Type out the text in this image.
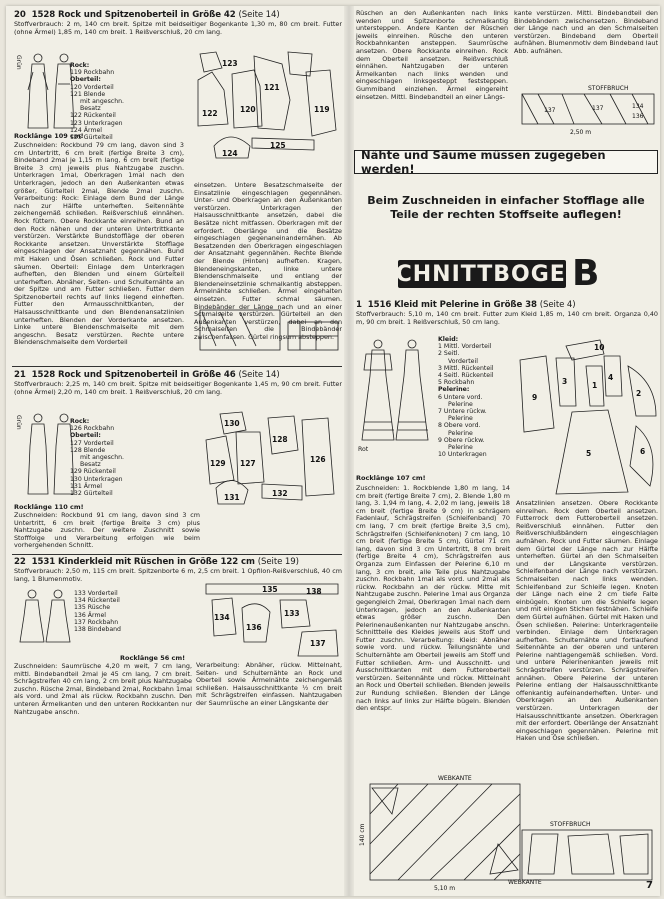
20 1528 Rock und Spitzenoberteil in Größe 42 (Seite 14)
Stoffverbrauch: 2 m, 140 cm breit. Spitze mit beidseitiger Bogenkante 1,30 m, 80 cm breit. Futter (ohne Ärmel) 1,85 m, 140 cm breit. 1 Reißverschluß, 20 cm lang.
Grün	Rock:
119 Rockbahn
Oberteil:
120 Vorderteil
121 Blende
mit angeschn.
Besatz
122 Rückenteil
123 Unterkragen
124 Ärmel
125 Gürtelteil
122
123
120
121
119
124
125
Rocklänge 109 cm!
Zuschneiden: Rockbund 79 cm lang, davon sind 3 cm Untertritt, 6 cm breit (fertige Breite 3 cm), Bindeband 2mal je 1,15 m lang, 6 cm breit (fertige Breite 3 cm) jeweils plus Nahtzugabe zuschn. Unterkragen 1mal, Oberkragen 1mal nach den Unterkragen, jedoch an den Außenkanten etwas größer, Gürtelteil 2mal, Blende 2mal zuschn. Verarbeitung: Rock: Einlage dem Bund der Länge nach zur Hälfte unterheften. Seitennähte zeichengemäß schließen. Reißverschluß einnähen. Rock füttern. Obere Rockkante einreihen. Bund an den Rock nähen und der unteren Untertrittkante verstürzen. Verstärkte Bundstoffläge der oberen Rockkante ansetzen. Unverstärkte Stofflage eingeschlagen der Ansatznaht gegennähen. Bund mit Haken und Ösen schließen. Rock und Futter säumen. Oberteil: Einlage dem Unterkragen aufheften, den Blenden und einem Gürtelteil unterheften. Abnäher, Seiten- und Schulternähte an der Spitze und am Futter schließen. Futter dem Spitzenoberteil rechts auf links liegend einheften. Futter den Armausschnittkanten, der Halsausschnittkante und den Blendenansatzlinien unterheften. Blenden der Vorderkante ansetzen. Linke untere Blendenschmalseite mit dem angeschn. Besatz verstürzen. Rechte untere Blendenschmalseite dem Vorderteil
einsetzen. Untere Besatzschmalseite der Einsatzlinie eingeschlagen gegennähen. Unter- und Oberkragen an den Außenkanten verstürzen. Unterkragen der Halsausschnittkante ansetzen, dabei die Besätze nicht mitfassen. Oberkragen mit der erfordert. Oberlänge und die Besätze eingeschlagen gegenaneinandernähen. Ab Besatzenden den Oberkragen eingeschlagen der Ansatznaht gegennähen. Rechte Blende der Blende (Hinten) aufheften. Kragen, Blendeneingskanten, linke untere Blendenschmalseite und entlang der Blendeneinsetzlinie schmalkantig absteppen. Ärmelnähte schließen. Ärmel eingehalten einsetzen. Futter schmal säumen. Bindebänder der Länge nach und an einer Schmalseite verstürzen. Gürtelteil an den Außenkanten verstürzen, dabei an den Schmalseiten die Bindebänder zwischenfassen. Gürtel ringsum absteppen.
21 1528 Rock und Spitzenoberteil in Größe 46 (Seite 14)
Stoffverbrauch: 2,25 m, 140 cm breit. Spitze mit beidseitiger Bogenkante 1,45 m, 90 cm breit. Futter (ohne Ärmel) 2,20 m, 140 cm breit. 1 Reißverschluß, 20 cm lang.
Grün	Rock:
126 Rockbahn
Oberteil:
127 Vorderteil
128 Blende
mit angeschn.
Besatz
129 Rückenteil
130 Unterkragen
131 Ärmel
132 Gürtelteil
130
129 127
128
126
131	132
Rocklänge 110 cm!
Zuschneiden: Rockbund 91 cm lang, davon sind 3 cm Untertritt, 6 cm breit (fertige Breite 3 cm) plus Nahtzugabe zuschn. Der weitere Zuschnitt sowie Stofffolge und Verarbeitung erfolgen wie beim vorhergehenden Schnitt.
22 1531 Kinderkleid mit Rüschen in Größe 122 cm (Seite 19)
Stoffverbrauch: 2,50 m, 115 cm breit. Spitzenborte 6 m, 2,5 cm breit. 1 Opfilon-Reißverschluß, 40 cm lang, 1 Blumenmotiv.
133 Vorderteil
134 Rückenteil
135 Rüsche
136 Ärmel
137 Rockbahn
138 Bindeband
135
134
136
133
137
138
Rocklänge 56 cm!
Zuschneiden: Saumrüsche 4,20 m weit, 7 cm lang, mittl. Bindebandteil 2mal je 45 cm lang, 7 cm breit. Schrägstreifen 40 cm lang, 2 cm breit plus Nahtzugabe zuschn. Rüsche 2mal, Bindeband 2mal, Rockbahn 1mal als vord. und 2mal als rückw. Rockbahn zuschn. Den unteren Ärmelkanten und den unteren Rockkanten nur Nahtzugabe anschn.
Verarbeitung: Abnäher, rückw. Mittelnaht, Seiten- und Schulternähte an Rock und Oberteil sowie Ärmelnähte zeichengemäß schließen. Halsausschnittkante ½ cm breit mit Schrägstreifen einfassen. Nahtzugaben der Saumrüsche an einer Längskante der
Rüschen an den Außenkanten nach links wenden und Spitzenborte schmalkantig untersteppen. Andere Kanten der Rüschen jeweils einreihen. Rüsche den unteren Rockbahnkanten ansteppen. Saumrüsche ansetzen. Obere Rockkante einreihen. Rock dem Oberteil ansetzen. Reißverschluß einnähen. Nahtzugaben der unteren Ärmelkanten nach links wenden und eingeschlagen linksgesteppt feststeppen. Gummiband einziehen. Ärmel eingereiht einsetzen. Mittl. Bindebandteil an einer Längs-
kante verstürzen. Mittl. Bindebandteil den Bindebändern zwischensetzen. Bindeband der Länge nach und an den Schmalseiten verstürzen. Bindeband dem Oberteil aufnähen. Blumenmotiv dem Bindeband laut Abb. aufnähen.
STOFFBRUCH
137	137	134
136
2,50 m
Nähte und Säume müssen zugegeben werden!
Beim Zuschneiden in einfacher Stofflage alle
Teile der rechten Stoffseite auflegen!
SCHNITTBOGEN
B
1 1516 Kleid mit Pelerine in Größe 38 (Seite 4)
Stoffverbrauch: 5,10 m, 140 cm breit. Futter zum Kleid 1,85 m, 140 cm breit. Organza 0,40 m, 90 cm breit. 1 Reißverschluß, 50 cm lang.
Kleid:
1 Mittl. Vorderteil
2 Seitl.
Vorderteil
3 Mittl. Rückenteil
4 Seitl. Rückenteil
5 Rockbahn
Pelerine:
6 Untere vord.
Pelerine
7 Untere rückw.
Pelerine
8 Obere vord.
Pelerine
9 Obere rückw.
Pelerine
10 Unterkragen
Rot
10
9
3	1
4
2
5	6
Rocklänge 107 cm!
Zuschneiden: 1. Rockblende 1,80 m lang, 14 cm breit (fertige Breite 7 cm), 2. Blende 1,80 m lang, 3. 1,94 m lang, 4. 2,02 m lang, jeweils 18 cm breit (fertige Breite 9 cm) in schrägem Fadenlauf, Schrägstreifen (Schleifenband) 70 cm lang, 7 cm breit (fertige Breite 3,5 cm), Schrägstreifen (Schleifenknoten) 7 cm lang, 10 cm breit (fertige Breite 5 cm), Gürtel 71 cm lang, davon sind 3 cm Untertritt, 8 cm breit (fertige Breite 4 cm), Schrägstreifen aus Organza zum Einfassen der Pelerine 6,10 m lang, 3 cm breit, alle Teile plus Nahtzugabe zuschn. Rockbahn 1mal als vord. und 2mal als rückw. Rockbahn an der rückw. Mitte mit Nahtzugabe zuschn. Pelerine 1mal aus Organza gegengleich 2mal, Oberkragen 1mal nach dem Unterkragen, jedoch an den Außenkanten etwas größer zuschn. Den Pelerinenaußenkanten nur Nahtzugabe anschn. Schnittteile des Kleides jeweils aus Stoff und Futter zuschn. Verarbeitung: Kleid: Abnäher sowie vord. und rückw. Teilungsnähte und Schulternähte am Oberteil jeweils am Stoff und Futter schließen. Arm- und Ausschnitt- und Ausschnittkanten mit dem Futteroberteil verstürzen. Seitennähte und rückw. Mittelnaht an Rock und Oberteil schließen. Blenden jeweils zur Rundung schließen. Blenden der Länge nach links auf links zur Hälfte bügeln. Blenden den entspr.
Ansatzlinien ansetzen. Obere Rockkante einreihen. Rock dem Oberteil ansetzen. Futterrock dem Futteroberteil ansetzen. Reißverschluß einnähen. Futter den Reißverschlußbändern eingeschlagen aufnähen. Rock und Futter säumen. Einlage dem Gürtel der Länge nach zur Hälfte unterheften. Gürtel an den Schmalseiten und der Längskante verstürzen. Schleifenband der Länge nach verstürzen. Schmalseiten nach links wenden. Schleifenband zur Schleife legen. Knoten der Länge nach eine 2 cm tiefe Falte einbügeln. Knoten um die Schleife legen und mit einigen Stichen festnähen. Schleife dem Gürtel aufnähen. Gürtel mit Haken und Ösen schließen. Pelerine: Unterkragenteile verbinden. Einlage dem Unterkragen aufheften. Schulternähte und fortlaufend Seitennähte an der oberen und unteren Pelerine nahtlagengemäß schließen. Vord. und untere Pelerinenkanten jeweils mit Schrägstreifen verstürzen. Schrägstreifen annähen. Obere Pelerine der unteren Pelerine entlang der Halsausschnittkante offenkantig aufeinanderheften. Unter- und Oberkragen an den Außenkanten verstürzen. Unterkragen der Halsausschnittkante ansetzen. Oberkragen mit der erfordert. Oberlänge der Ansatznaht eingeschlagen gegennähen. Pelerine mit Haken und Öse schließen.
WEBKANTE
STOFFBRUCH
140 cm
WEBKANTE
5,10 m	7
